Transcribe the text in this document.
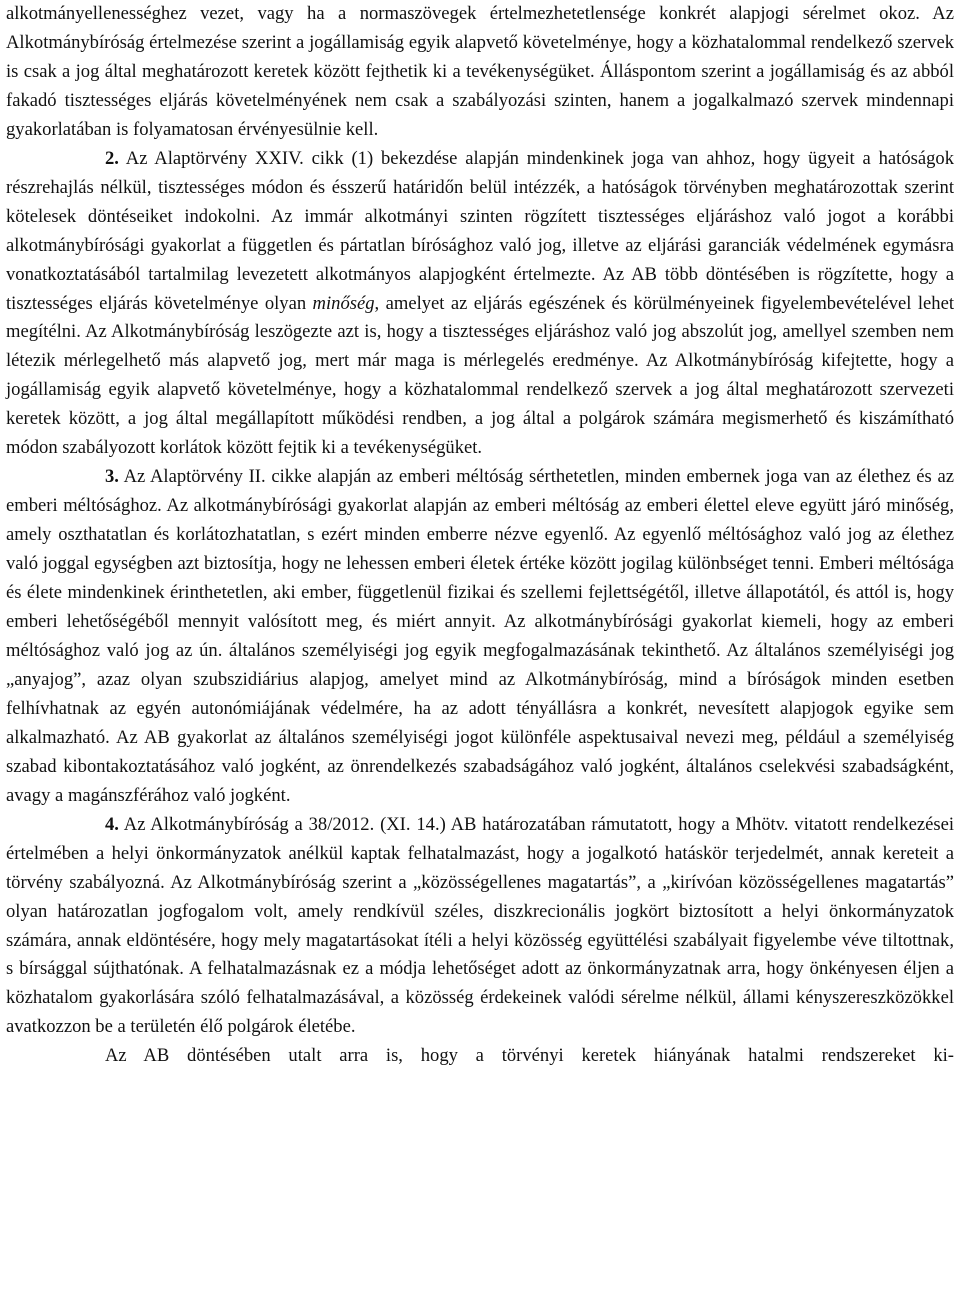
alkotmányellenességhez vezet, vagy ha a normaszövegek értelmezhetetlensége konkrét alapjogi sérelmet okoz. Az Alkotmánybíróság értelmezése szerint a jogállamiság egyik alapvető követelménye, hogy a közhatalommal rendelkező szervek is csak a jog által meghatározott keretek között fejthetik ki a tevékenységüket. Álláspontom szerint a jogállamiság és az abból fakadó tisztességes eljárás követelményének nem csak a szabályozási szinten, hanem a jogalkalmazó szervek mindennapi gyakorlatában is folyamatosan érvényesülnie kell.

2. Az Alaptörvény XXIV. cikk (1) bekezdése alapján mindenkinek joga van ahhoz, hogy ügyeit a hatóságok részrehajlás nélkül, tisztességes módon és ésszerű határidőn belül intézzék, a hatóságok törvényben meghatározottak szerint kötelesek döntéseiket indokolni. Az immár alkotmányi szinten rögzített tisztességes eljáráshoz való jogot a korábbi alkotmánybírósági gyakorlat a független és pártatlan bírósághoz való jog, illetve az eljárási garanciák védelmének egymásra vonatkoztatásából tartalmilag levezetett alkotmányos alapjogként értelmezte. Az AB több döntésében is rögzítette, hogy a tisztességes eljárás követelménye olyan minőség, amelyet az eljárás egészének és körülményeinek figyelembevételével lehet megítélni. Az Alkotmánybíróság leszögezte azt is, hogy a tisztességes eljáráshoz való jog abszolút jog, amellyel szemben nem létezik mérlegelhető más alapvető jog, mert már maga is mérlegelés eredménye. Az Alkotmánybíróság kifejtette, hogy a jogállamiság egyik alapvető követelménye, hogy a közhatalommal rendelkező szervek a jog által meghatározott szervezeti keretek között, a jog által megállapított működési rendben, a jog által a polgárok számára megismerhető és kiszámítható módon szabályozott korlátok között fejtik ki a tevékenységüket.

3. Az Alaptörvény II. cikke alapján az emberi méltóság sérthetetlen, minden embernek joga van az élethez és az emberi méltósághoz. Az alkotmánybírósági gyakorlat alapján az emberi méltóság az emberi élettel eleve együtt járó minőség, amely oszthatatlan és korlátozhatatlan, s ezért minden emberre nézve egyenlő. Az egyenlő méltósághoz való jog az élethez való joggal egységben azt biztosítja, hogy ne lehessen emberi életek értéke között jogilag különbséget tenni. Emberi méltósága és élete mindenkinek érinthetetlen, aki ember, függetlenül fizikai és szellemi fejlettségétől, illetve állapotától, és attól is, hogy emberi lehetőségéből mennyit valósított meg, és miért annyit. Az alkotmánybírósági gyakorlat kiemeli, hogy az emberi méltósághoz való jog az ún. általános személyiségi jog egyik megfogalmazásának tekinthető. Az általános személyiségi jog „anyajog”, azaz olyan szubszidiárius alapjog, amelyet mind az Alkotmánybíróság, mind a bíróságok minden esetben felhívhatnak az egyén autonómiájának védelmére, ha az adott tényállásra a konkrét, nevesített alapjogok egyike sem alkalmazható. Az AB gyakorlat az általános személyiségi jogot különféle aspektusaival nevezi meg, például a személyiség szabad kibontakoztatásához való jogként, az önrendelkezés szabadságához való jogként, általános cselekvési szabadságként, avagy a magánszférához való jogként.

4. Az Alkotmánybíróság a 38/2012. (XI. 14.) AB határozatában rámutatott, hogy a Mhötv. vitatott rendelkezései értelmében a helyi önkormányzatok anélkül kaptak felhatalmazást, hogy a jogalkotó hatáskör terjedelmét, annak kereteit a törvény szabályozná. Az Alkotmánybíróság szerint a „közösségellenes magatartás”, a „kirívóan közösségellenes magatartás” olyan határozatlan jogfogalom volt, amely rendkívül széles, diszkrecionális jogkört biztosított a helyi önkormányzatok számára, annak eldöntésére, hogy mely magatartásokat ítéli a helyi közösség együttélési szabályait figyelembe véve tiltottnak, s bírsággal sújthatónak. A felhatalmazásnak ez a módja lehetőséget adott az önkormányzatnak arra, hogy önkényesen éljen a közhatalom gyakorlására szóló felhatalmazásával, a közösség érdekeinek valódi sérelme nélkül, állami kényszereszközökkel avatkozzon be a területén élő polgárok életébe.

Az AB döntésében utalt arra is, hogy a törvényi keretek hiányának hatalmi rendszereket ki-
